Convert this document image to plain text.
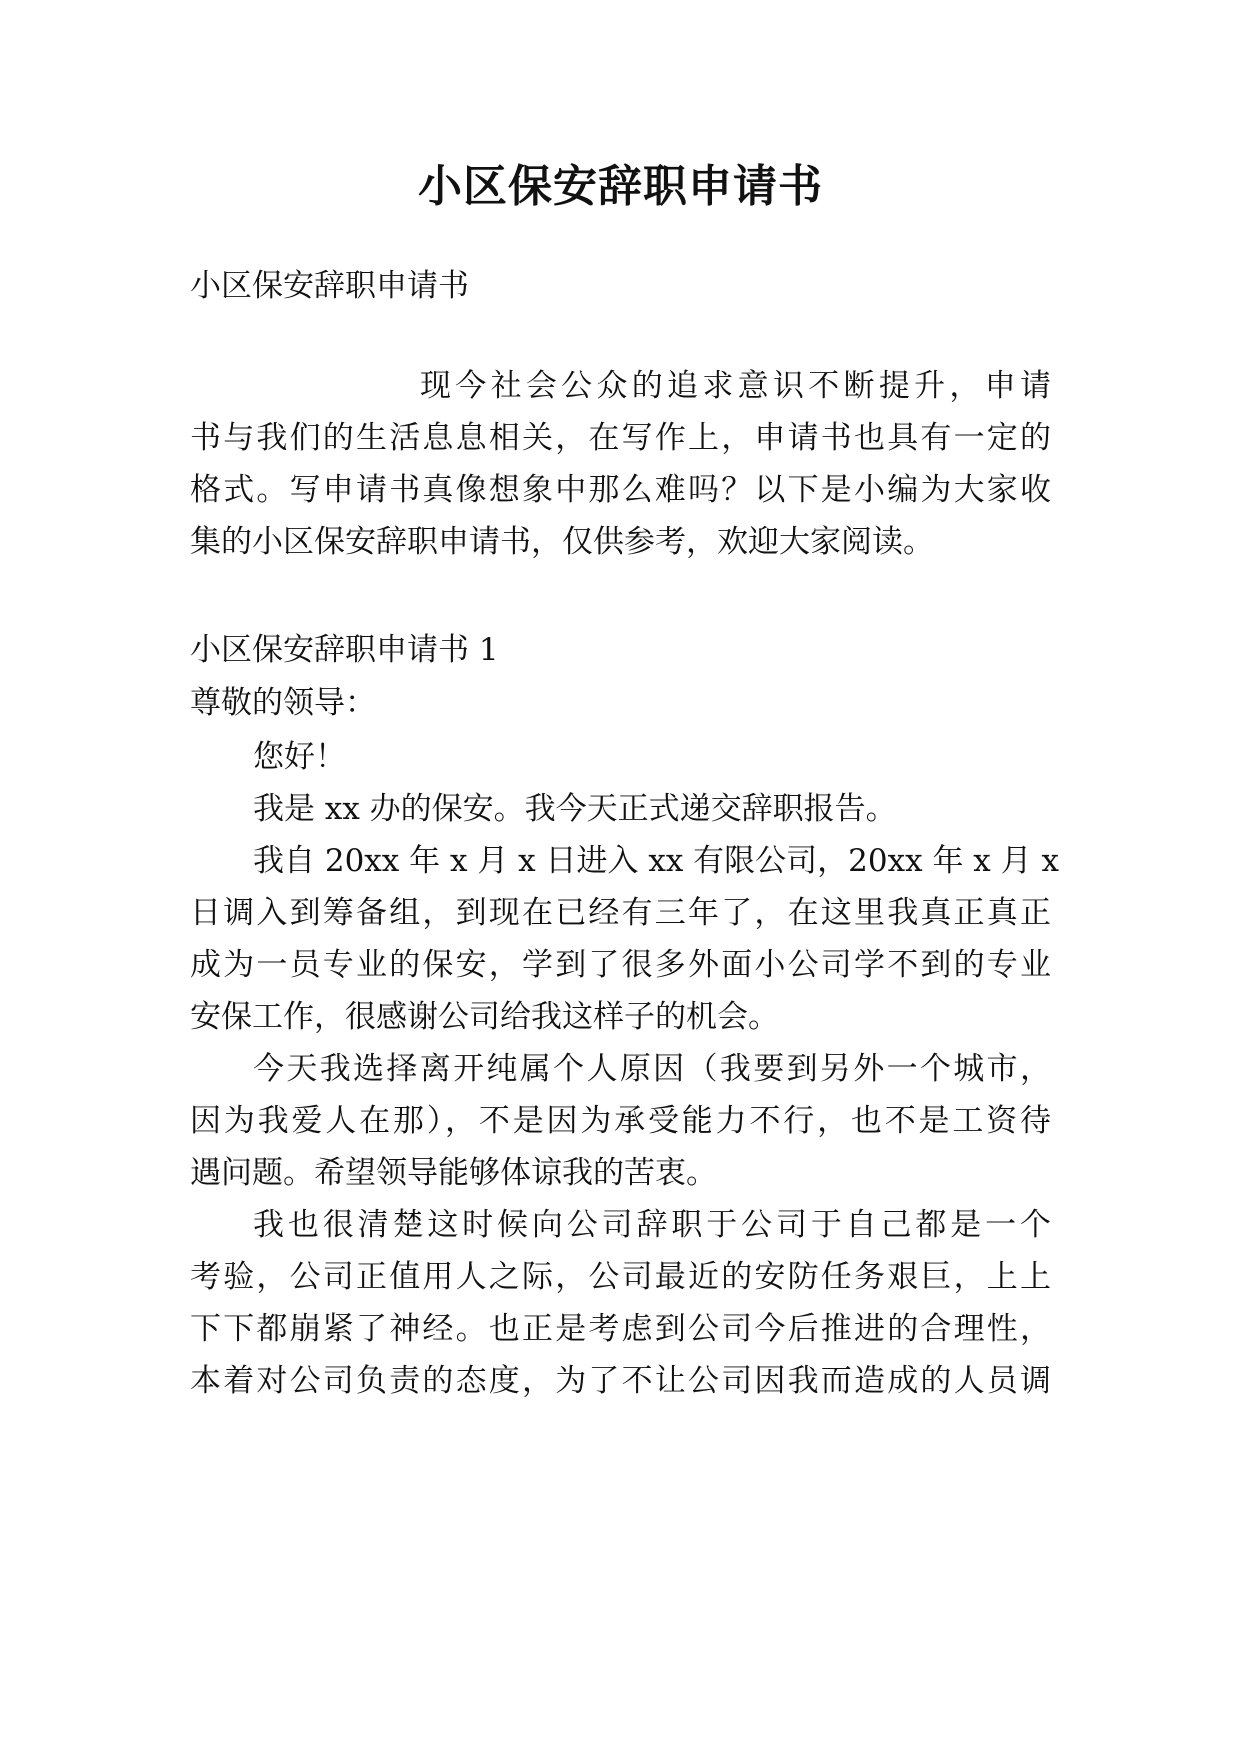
小区保安辞职申请书
小区保安辞职申请书
现今社会公众的追求意识不断提升，申请
书与我们的生活息息相关，在写作上，申请书也具有一定的
格式。写申请书真像想象中那么难吗？以下是小编为大家收
集的小区保安辞职申请书，仅供参考，欢迎大家阅读。
小区保安辞职申请书 1
尊敬的领导：
您好！
我是 xx 办的保安。我今天正式递交辞职报告。
我自 20xx 年 x 月 x 日进入 xx 有限公司，20xx 年 x 月 x
日调入到筹备组，到现在已经有三年了，在这里我真正真正
成为一员专业的保安，学到了很多外面小公司学不到的专业
安保工作，很感谢公司给我这样子的机会。
今天我选择离开纯属个人原因（我要到另外一个城市，
因为我爱人在那），不是因为承受能力不行，也不是工资待
遇问题。希望领导能够体谅我的苦衷。
我也很清楚这时候向公司辞职于公司于自己都是一个
考验，公司正值用人之际，公司最近的安防任务艰巨，上上
下下都崩紧了神经。也正是考虑到公司今后推进的合理性，
本着对公司负责的态度，为了不让公司因我而造成的人员调
